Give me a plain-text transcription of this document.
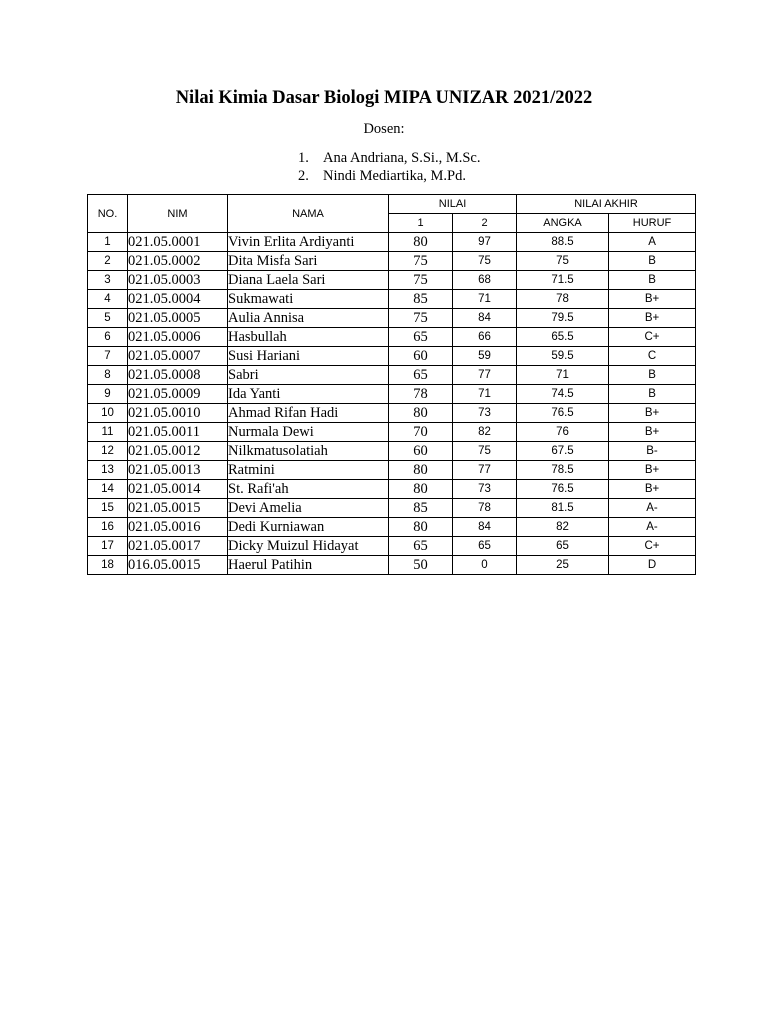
Nilai Kimia Dasar Biologi MIPA UNIZAR 2021/2022
Dosen:
1. Ana Andriana, S.Si., M.Sc.
2. Nindi Mediartika, M.Pd.
NO.	NIM	NAMA	NILAI		NILAI AKHIR	
			1	2	ANGKA	HURUF
1	021.05.0001	Vivin Erlita Ardiyanti	80	97	88.5	A
2	021.05.0002	Dita Misfa Sari	75	75	75	B
3	021.05.0003	Diana Laela Sari	75	68	71.5	B
4	021.05.0004	Sukmawati	85	71	78	B+
5	021.05.0005	Aulia Annisa	75	84	79.5	B+
6	021.05.0006	Hasbullah	65	66	65.5	C+
7	021.05.0007	Susi Hariani	60	59	59.5	C
8	021.05.0008	Sabri	65	77	71	B
9	021.05.0009	Ida Yanti	78	71	74.5	B
10	021.05.0010	Ahmad Rifan Hadi	80	73	76.5	B+
11	021.05.0011	Nurmala Dewi	70	82	76	B+
12	021.05.0012	Nilkmatusolatiah	60	75	67.5	B-
13	021.05.0013	Ratmini	80	77	78.5	B+
14	021.05.0014	St. Rafi'ah	80	73	76.5	B+
15	021.05.0015	Devi Amelia	85	78	81.5	A-
16	021.05.0016	Dedi Kurniawan	80	84	82	A-
17	021.05.0017	Dicky Muizul Hidayat	65	65	65	C+
18	016.05.0015	Haerul Patihin	50	0	25	D
